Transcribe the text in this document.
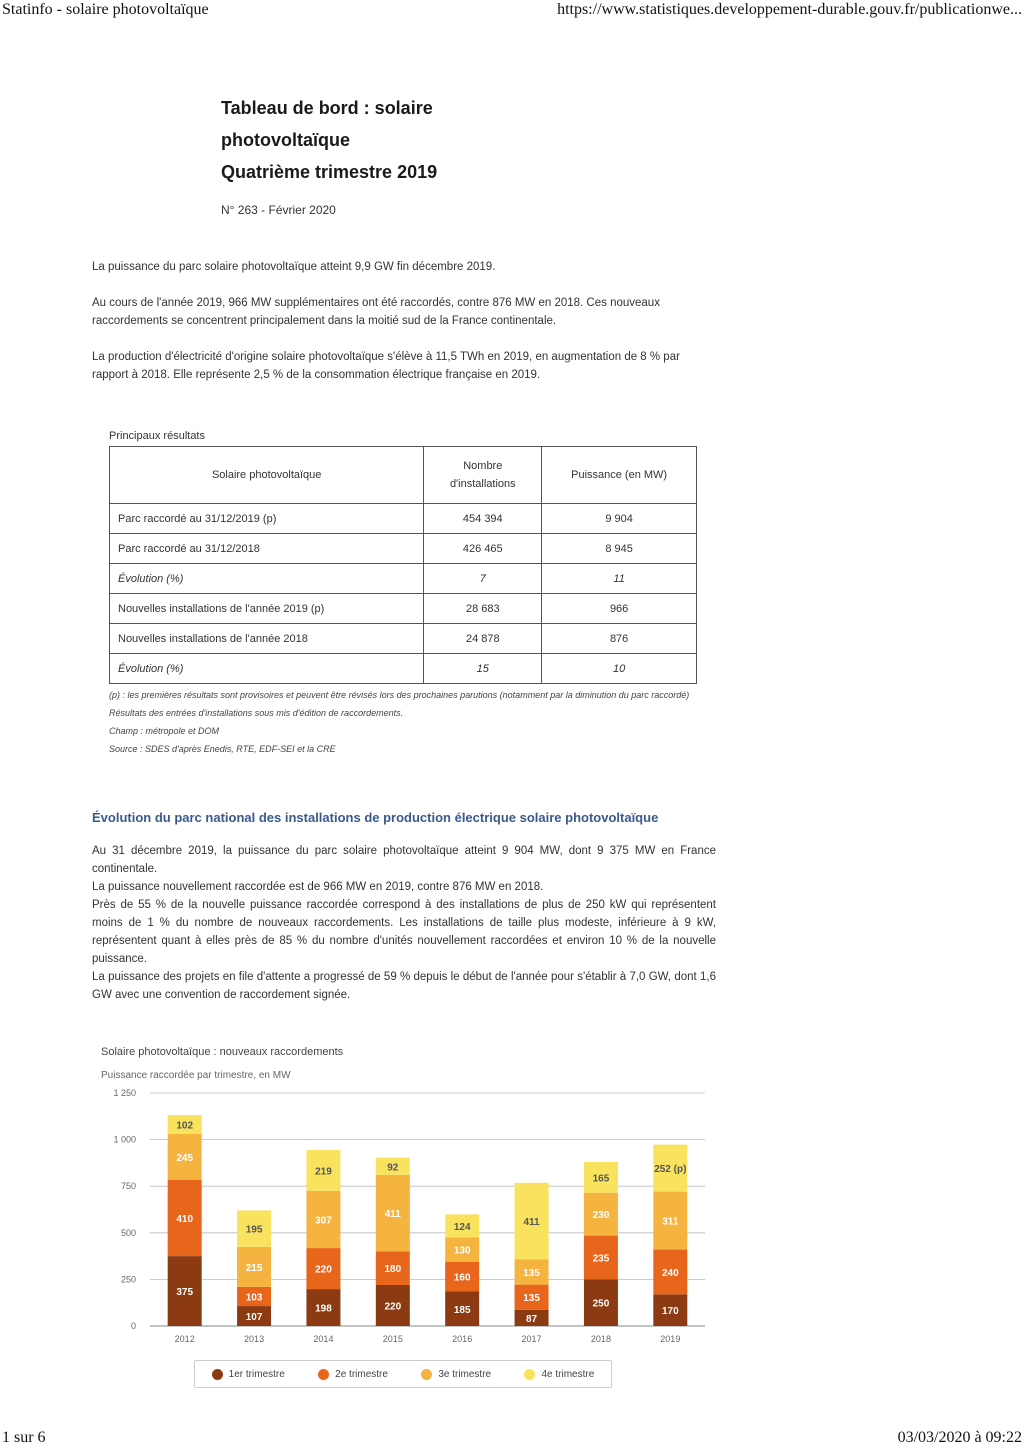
Statinfo - solaire photovoltaïque	https://www.statistiques.developpement-durable.gouv.fr/publicationwe...
Tableau de bord : solaire
photovoltaïque
Quatrième trimestre 2019
N° 263 - Février 2020

La puissance du parc solaire photovoltaïque atteint 9,9 GW fin décembre 2019.

Au cours de l'année 2019, 966 MW supplémentaires ont été raccordés, contre 876 MW en 2018. Ces nouveaux raccordements se concentrent principalement dans la moitié sud de la France continentale.

La production d'électricité d'origine solaire photovoltaïque s'élève à 11,5 TWh en 2019, en augmentation de 8 % par rapport à 2018. Elle représente 2,5 % de la consommation électrique française en 2019.

Principaux résultats
Solaire photovoltaïque	Nombre d'installations	Puissance (en MW)
Parc raccordé au 31/12/2019 (p)	454 394	9 904
Parc raccordé au 31/12/2018	426 465	8 945
Évolution (%)	7	11
Nouvelles installations de l'année 2019 (p)	28 683	966
Nouvelles installations de l'année 2018	24 878	876
Évolution (%)	15	10
(p) : les premières résultats sont provisoires et peuvent être révisés lors des prochaines parutions (notamment par la diminution du parc raccordé)
Résultats des entrées d'installations sous mis d'édition de raccordements.
Champ : métropole et DOM
Source : SDES d'après Enedis, RTE, EDF-SEI et la CRE
Évolution du parc national des installations de production électrique solaire photovoltaïque

Au 31 décembre 2019, la puissance du parc solaire photovoltaïque atteint 9 904 MW, dont 9 375 MW en France continentale.

La puissance nouvellement raccordée est de 966 MW en 2019, contre 876 MW en 2018.

Près de 55 % de la nouvelle puissance raccordée correspond à des installations de plus de 250 kW qui représentent moins de 1 % du nombre de nouveaux raccordements. Les installations de taille plus modeste, inférieure à 9 kW, représentent quant à elles près de 85 % du nombre d'unités nouvellement raccordées et environ 10 % de la nouvelle puissance.

La puissance des projets en file d'attente a progressé de 59 % depuis le début de l'année pour s'établir à 7,0 GW, dont 1,6 GW avec une convention de raccordement signée.

Solaire photovoltaïque : nouveaux raccordements
Puissance raccordée par trimestre, en MW
0
250
500
750
1 000
1 250
375
410
245
102
2012
107
103
215
195
2013
198
220
307
219
2014
220
180
411
92
2015
185
160
130
124
2016
87
135
135
411
2017
250
235
230
165
2018
170
240
311
252 (p)
2019
1er trimestre	2e trimestre	3e trimestre	4e trimestre
1 sur 6	03/03/2020 à 09:22
